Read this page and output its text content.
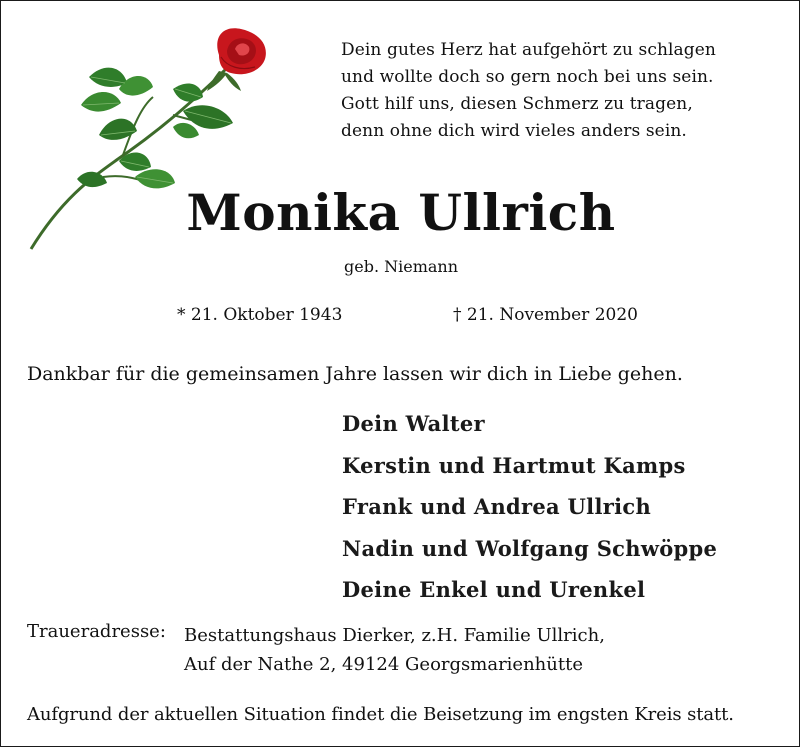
Dein gutes Herz hat aufgehört zu schlagen
und wollte doch so gern noch bei uns sein.
Gott hilf uns, diesen Schmerz zu tragen,
denn ohne dich wird vieles anders sein.
Monika Ullrich
geb. Niemann
* 21. Oktober 1943	† 21. November 2020
Dankbar für die gemeinsamen Jahre lassen wir dich in Liebe gehen.
Dein Walter
Kerstin und Hartmut Kamps
Frank und Andrea Ullrich
Nadin und Wolfgang Schwöppe
Deine Enkel und Urenkel
Traueradresse: Bestattungshaus Dierker, z.H. Familie Ullrich,
Auf der Nathe 2, 49124 Georgsmarienhütte
Aufgrund der aktuellen Situation findet die Beisetzung im engsten Kreis statt.
